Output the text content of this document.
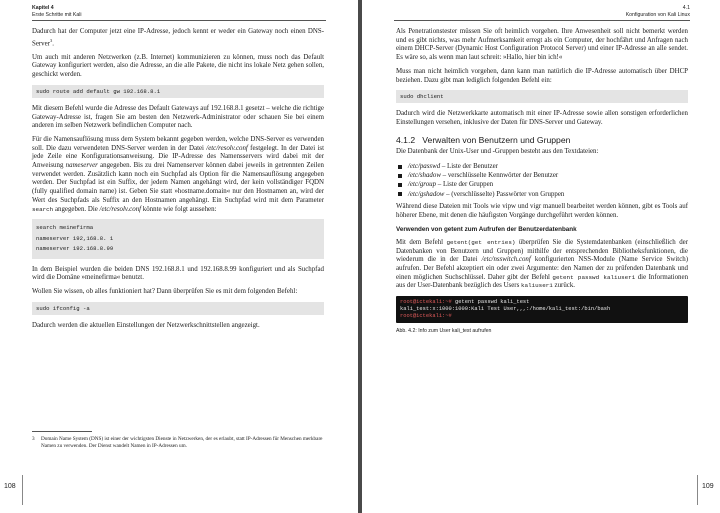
Kapitel 4
Erste Schritte mit Kali

Dadurch hat der Computer jetzt eine IP-Adresse, jedoch kennt er weder ein Gateway noch einen DNS-Server$^3$.

Um auch mit anderen Netzwerken (z.B. Internet) kommunizieren zu können, muss noch das Default Gateway konfiguriert werden, also die Adresse, an die alle Pakete, die nicht ins lokale Netz gehen sollen, geschickt werden.

sudo route add default gw 192.168.8.1

Mit diesem Befehl wurde die Adresse des Default Gateways auf 192.168.8.1 gesetzt – welche die richtige Gateway-Adresse ist, fragen Sie am besten den Netzwerk-Administrator oder schauen Sie bei einem anderen im selben Netzwerk befindlichen Computer nach.

Für die Namensauflösung muss dem System bekannt gegeben werden, welche DNS-Server es verwenden soll. Die dazu verwendeten DNS-Server werden in der Datei /etc/resolv.conf festgelegt. In der Datei ist jede Zeile eine Konfigurationsanweisung. Die IP-Adresse des Namensservers wird dabei mit der Anweisung nameserver angegeben. Bis zu drei Namenserver können dabei jeweils in getrennten Zeilen verwendet werden. Zusätzlich kann noch ein Suchpfad als Option für die Namensauflösung angegeben werden. Der Suchpfad ist ein Suffix, der jedem Namen angehängt wird, der kein vollständiger FQDN (fully qualified domain name) ist. Geben Sie statt »hostname.domain« nur den Hostnamen an, wird der Wert des Suchpfads als Suffix an den Hostnamen angehängt. Ein Suchpfad wird mit dem Parameter search angegeben. Die /etc/resolv.conf könnte wie folgt aussehen:

search meinefirma
nameserver 192,168.8. 1
nameserver 192.168.8.99

In dem Beispiel wurden die beiden DNS 192.168.8.1 und 192.168.8.99 konfiguriert und als Suchpfad wird die Domäne »meinefirma« benutzt.

Wollen Sie wissen, ob alles funktioniert hat? Dann überprüfen Sie es mit dem folgenden Befehl:

sudo ifconfig -a

Dadurch werden die aktuellen Einstellungen der Netzwerkschnittstellen angezeigt.

3	Domain Name System (DNS) ist einer der wichtigsten Dienste in Netzwerken, der es erlaubt, statt IP-Adressen für Menschen merkbare Namen zu verwenden. Der Dienst wandelt Namen in IP-Adressen um.
108
4.1
Konfiguration von Kali Linux

Als Penetrationstester müssen Sie oft heimlich vorgehen. Ihre Anwesenheit soll nicht bemerkt werden und es gibt nichts, was mehr Aufmerksamkeit erregt als ein Computer, der hochfährt und Anfragen nach einem DHCP-Server (Dynamic Host Configuration Protocol Server) und einer IP-Adresse an alle sendet. Es wäre so, als wenn man laut schreit: »Hallo, hier bin ich!«

Muss man nicht heimlich vorgehen, dann kann man natürlich die IP-Adresse automatisch über DHCP beziehen. Dazu gibt man lediglich folgenden Befehl ein:

sudo dhclient

Dadurch wird die Netzwerkkarte automatisch mit einer IP-Adresse sowie allen sonstigen erforderlichen Einstellungen versehen, inklusive der Daten für DNS-Server und Gateway.

4.1.2   Verwalten von Benutzern und Gruppen

Die Datenbank der Unix-User und -Gruppen besteht aus den Textdateien:

/etc/passwd – Liste der Benutzer
/etc/shadow – verschlüsselte Kennwörter der Benutzer
/etc/group – Liste der Gruppen
/etc/gshadow – (verschlüsselte) Passwörter von Gruppen

Während diese Dateien mit Tools wie vipw und vigr manuell bearbeitet werden können, gibt es Tools auf höherer Ebene, mit denen die häufigsten Vorgänge durchgeführt werden können.

Verwenden von getent zum Aufrufen der Benutzerdatenbank

Mit dem Befehl getent(get entries) überprüfen Sie die Systemdatenbanken (einschließlich der Datenbanken von Benutzern und Gruppen) mithilfe der entsprechenden Bibliotheksfunktionen, die wiederum die in der Datei /etc/nsswitch.conf konfigurierten NSS-Module (Name Service Switch) aufrufen. Der Befehl akzeptiert ein oder zwei Argumente: den Namen der zu prüfenden Datenbank und einen möglichen Suchschlüssel. Daher gibt der Befehl getent passwd kaliuser1 die Informationen aus der User-Datenbank bezüglich des Users kaliuser1 zurück.

root@ictekali:~# getent passwd kali_test
kali_test:x:1000:1000:Kali Test User,,,:/home/kali_test:/bin/bash
root@ictekali:~#
Abb. 4.2: Info zum User kali_test aufrufen
109
